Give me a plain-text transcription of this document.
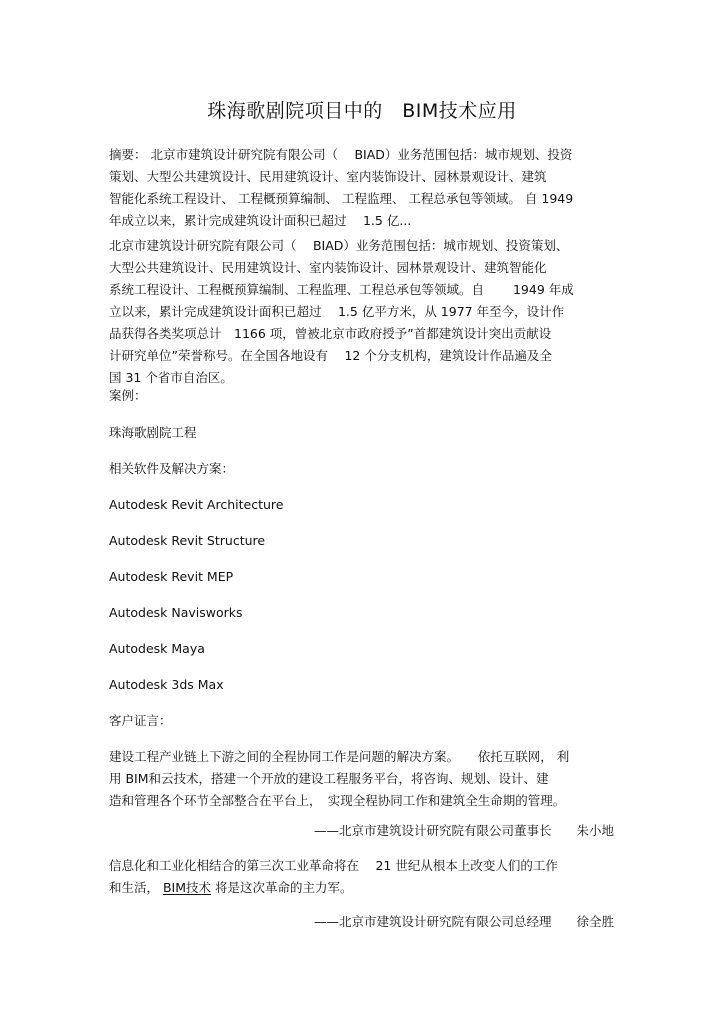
珠海歌剧院项目中的　BIM技术应用
摘要： 北京市建筑设计研究院有限公司（　 BIAD）业务范围包括：城市规划、投资
策划、大型公共建筑设计、民用建筑设计、室内装饰设计、园林景观设计、建筑
智能化系统工程设计、 工程概预算编制、 工程监理、 工程总承包等领域。 自 1949
年成立以来，累计完成建筑设计面积已超过　 1.5 亿...
北京市建筑设计研究院有限公司（　 BIAD）业务范围包括：城市规划、投资策划、
大型公共建筑设计、民用建筑设计、室内装饰设计、园林景观设计、建筑智能化
系统工程设计、工程概预算编制、工程监理、工程总承包等领域。自　　 1949 年成
立以来，累计完成建筑设计面积已超过　 1.5 亿平方米，从 1977 年至今，设计作
品获得各类奖项总计　1166 项，曾被北京市政府授予”首都建筑设计突出贡献设
计研究单位”荣誉称号。在全国各地设有　 12 个分支机构，建筑设计作品遍及全
国 31 个省市自治区。
案例：
珠海歌剧院工程
相关软件及解决方案：
Autodesk Revit Architecture
Autodesk Revit Structure
Autodesk Revit MEP
Autodesk Navisworks
Autodesk Maya
Autodesk 3ds Max
客户证言：
建设工程产业链上下游之间的全程协同工作是问题的解决方案。　　依托互联网， 利
用 BIM和云技术，搭建一个开放的建设工程服务平台，将咨询、规划、设计、建
造和管理各个环节全部整合在平台上，　实现全程协同工作和建筑全生命期的管理。
——北京市建筑设计研究院有限公司董事长　　朱小地
信息化和工业化相结合的第三次工业革命将在　 21 世纪从根本上改变人们的工作
和生活， BIM技术 将是这次革命的主力军。
——北京市建筑设计研究院有限公司总经理　　徐全胜
